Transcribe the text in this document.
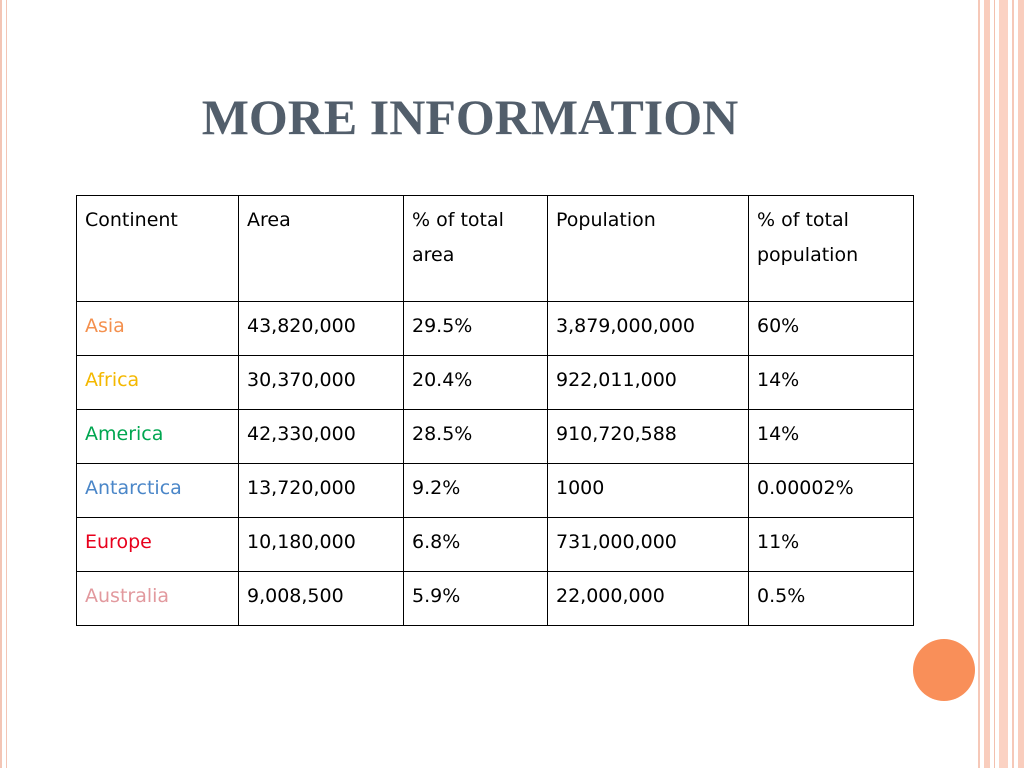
MORE INFORMATION
Continent	Area	% of total area	Population	% of total population
Asia	43,820,000	29.5%	3,879,000,000	60%
Africa	30,370,000	20.4%	922,011,000	14%
America	42,330,000	28.5%	910,720,588	14%
Antarctica	13,720,000	9.2%	1000	0.00002%
Europe	10,180,000	6.8%	731,000,000	11%
Australia	9,008,500	5.9%	22,000,000	0.5%
